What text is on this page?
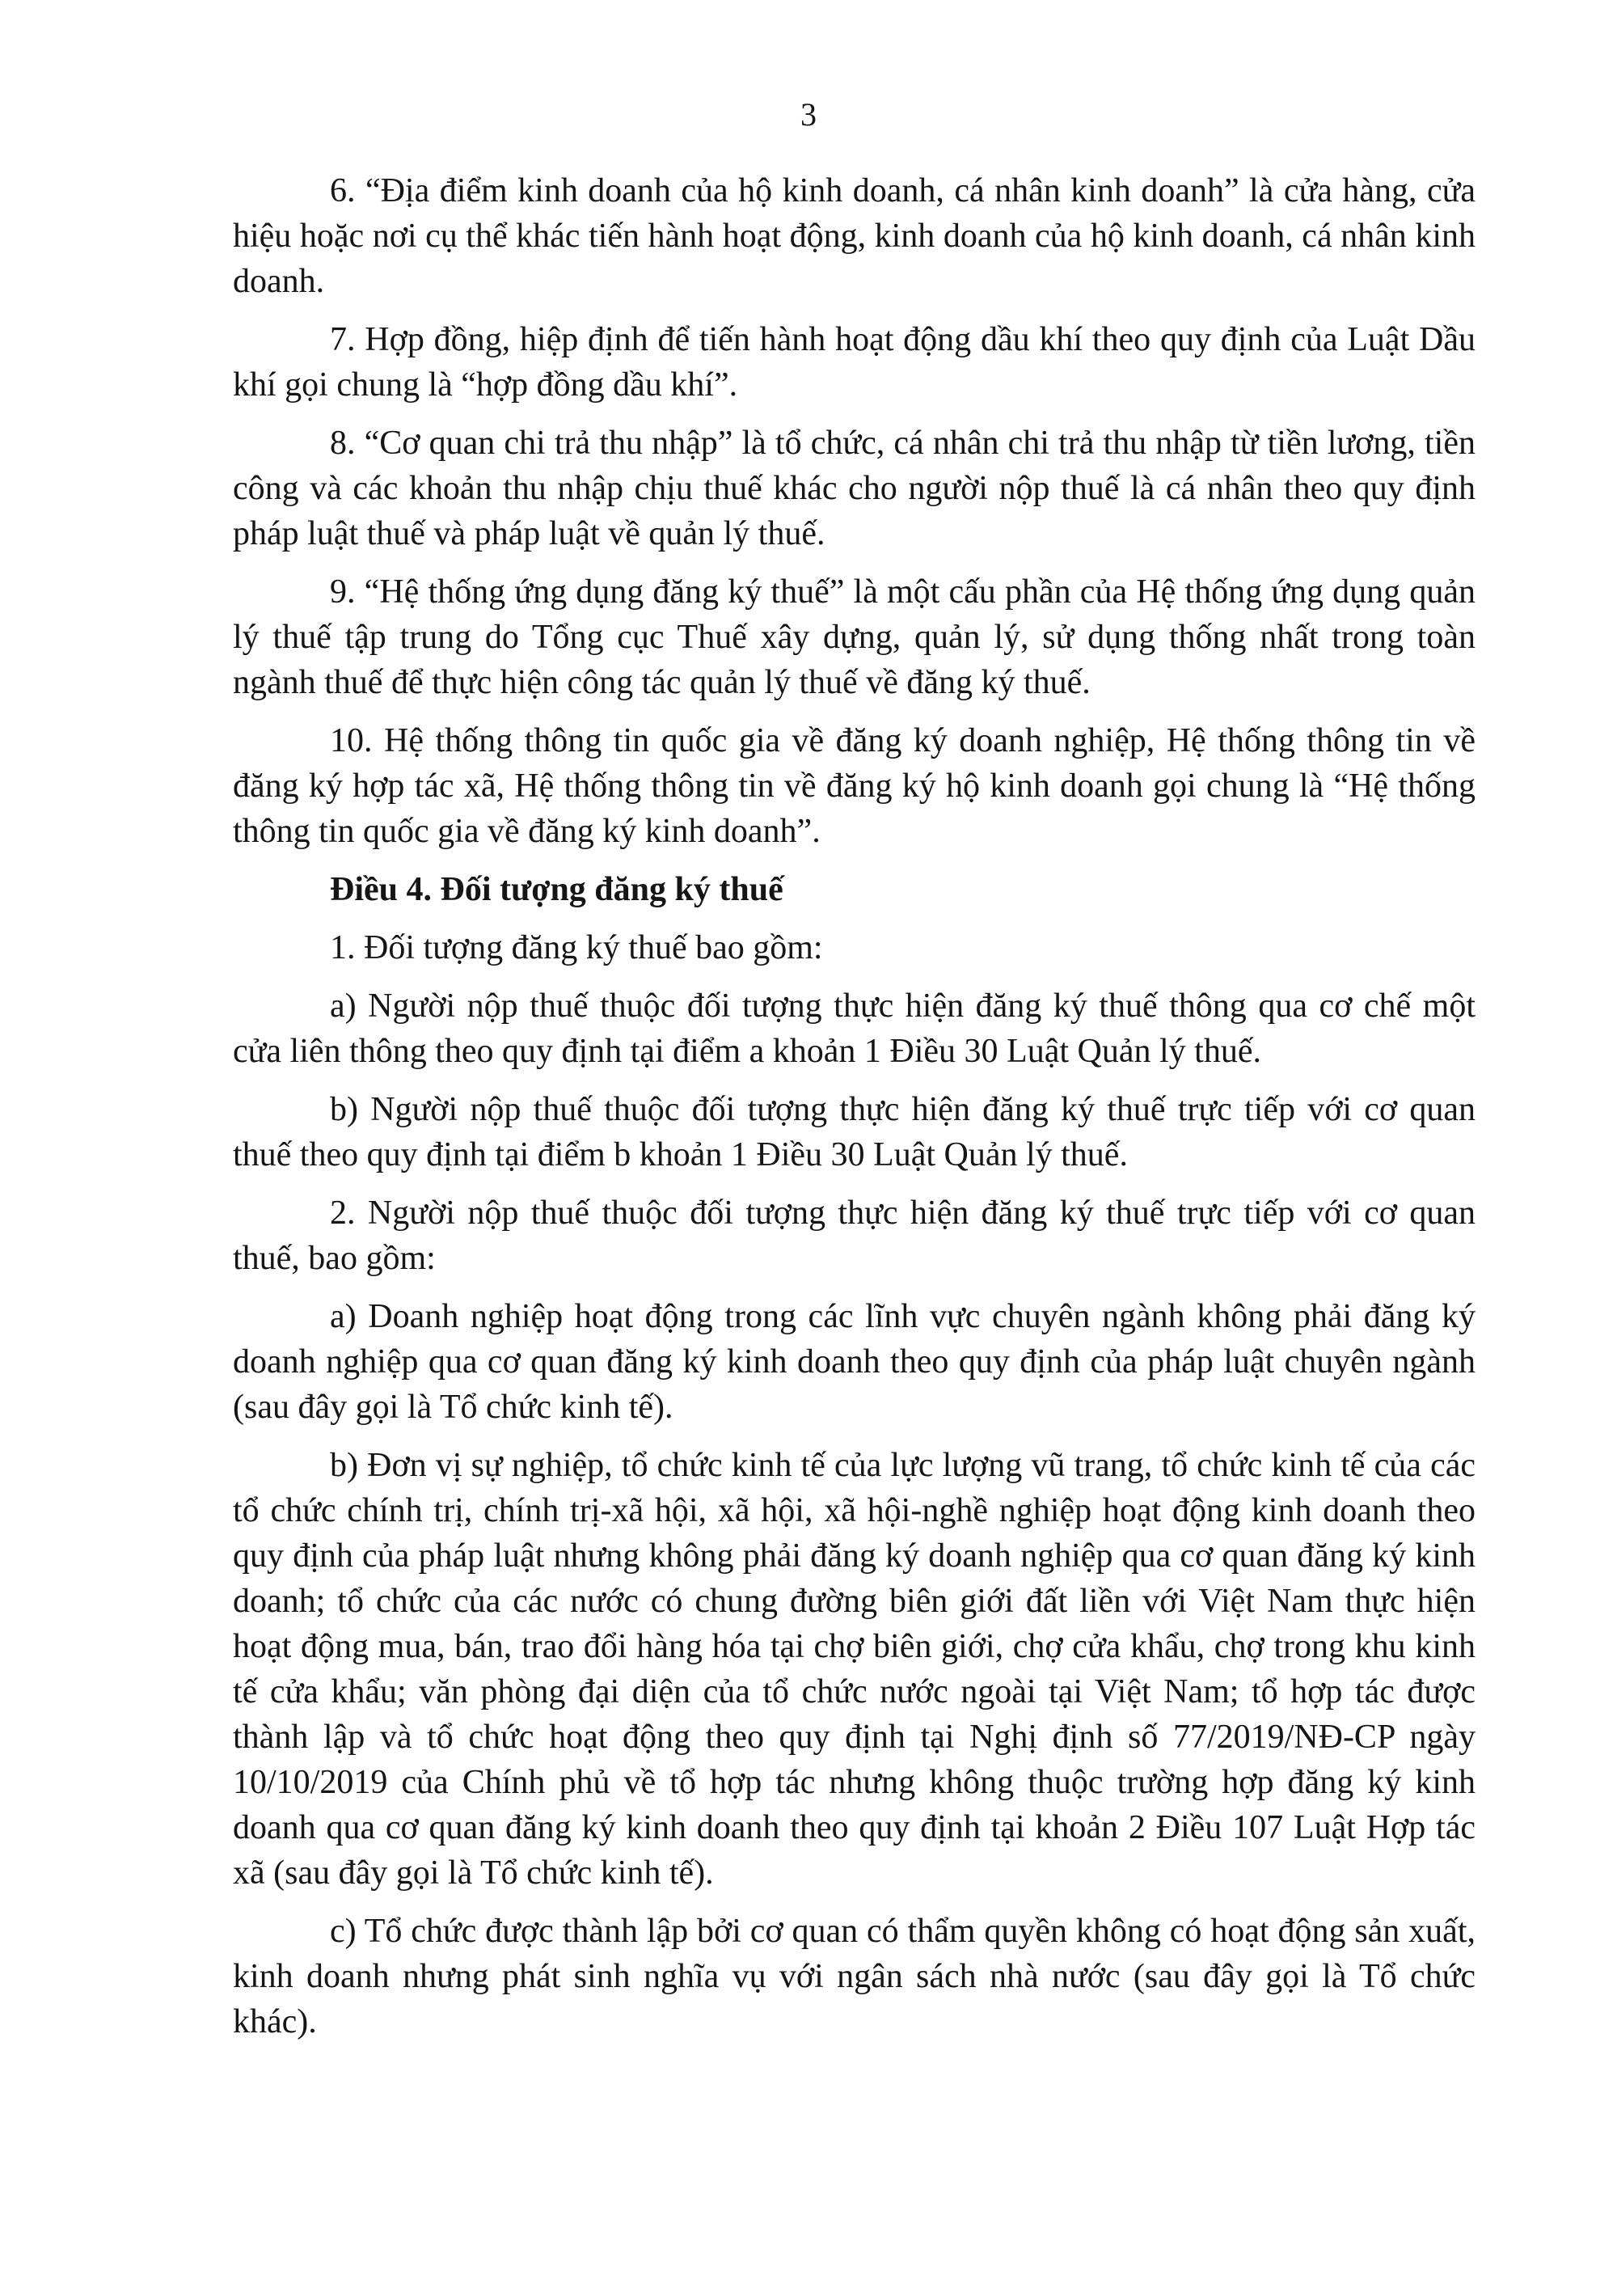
3

6. “Địa điểm kinh doanh của hộ kinh doanh, cá nhân kinh doanh” là cửa hàng, cửa hiệu hoặc nơi cụ thể khác tiến hành hoạt động, kinh doanh của hộ kinh doanh, cá nhân kinh doanh.

7. Hợp đồng, hiệp định để tiến hành hoạt động dầu khí theo quy định của Luật Dầu khí gọi chung là “hợp đồng dầu khí”.

8. “Cơ quan chi trả thu nhập” là tổ chức, cá nhân chi trả thu nhập từ tiền lương, tiền công và các khoản thu nhập chịu thuế khác cho người nộp thuế là cá nhân theo quy định pháp luật thuế và pháp luật về quản lý thuế.

9. “Hệ thống ứng dụng đăng ký thuế” là một cấu phần của Hệ thống ứng dụng quản lý thuế tập trung do Tổng cục Thuế xây dựng, quản lý, sử dụng thống nhất trong toàn ngành thuế để thực hiện công tác quản lý thuế về đăng ký thuế.

10. Hệ thống thông tin quốc gia về đăng ký doanh nghiệp, Hệ thống thông tin về đăng ký hợp tác xã, Hệ thống thông tin về đăng ký hộ kinh doanh gọi chung là “Hệ thống thông tin quốc gia về đăng ký kinh doanh”.

Điều 4. Đối tượng đăng ký thuế

1. Đối tượng đăng ký thuế bao gồm:

a) Người nộp thuế thuộc đối tượng thực hiện đăng ký thuế thông qua cơ chế một cửa liên thông theo quy định tại điểm a khoản 1 Điều 30 Luật Quản lý thuế.

b) Người nộp thuế thuộc đối tượng thực hiện đăng ký thuế trực tiếp với cơ quan thuế theo quy định tại điểm b khoản 1 Điều 30 Luật Quản lý thuế.

2. Người nộp thuế thuộc đối tượng thực hiện đăng ký thuế trực tiếp với cơ quan thuế, bao gồm:

a) Doanh nghiệp hoạt động trong các lĩnh vực chuyên ngành không phải đăng ký doanh nghiệp qua cơ quan đăng ký kinh doanh theo quy định của pháp luật chuyên ngành (sau đây gọi là Tổ chức kinh tế).

b) Đơn vị sự nghiệp, tổ chức kinh tế của lực lượng vũ trang, tổ chức kinh tế của các tổ chức chính trị, chính trị-xã hội, xã hội, xã hội-nghề nghiệp hoạt động kinh doanh theo quy định của pháp luật nhưng không phải đăng ký doanh nghiệp qua cơ quan đăng ký kinh doanh; tổ chức của các nước có chung đường biên giới đất liền với Việt Nam thực hiện hoạt động mua, bán, trao đổi hàng hóa tại chợ biên giới, chợ cửa khẩu, chợ trong khu kinh tế cửa khẩu; văn phòng đại diện của tổ chức nước ngoài tại Việt Nam; tổ hợp tác được thành lập và tổ chức hoạt động theo quy định tại Nghị định số 77/2019/NĐ-CP ngày 10/10/2019 của Chính phủ về tổ hợp tác nhưng không thuộc trường hợp đăng ký kinh doanh qua cơ quan đăng ký kinh doanh theo quy định tại khoản 2 Điều 107 Luật Hợp tác xã (sau đây gọi là Tổ chức kinh tế).

c) Tổ chức được thành lập bởi cơ quan có thẩm quyền không có hoạt động sản xuất, kinh doanh nhưng phát sinh nghĩa vụ với ngân sách nhà nước (sau đây gọi là Tổ chức khác).
